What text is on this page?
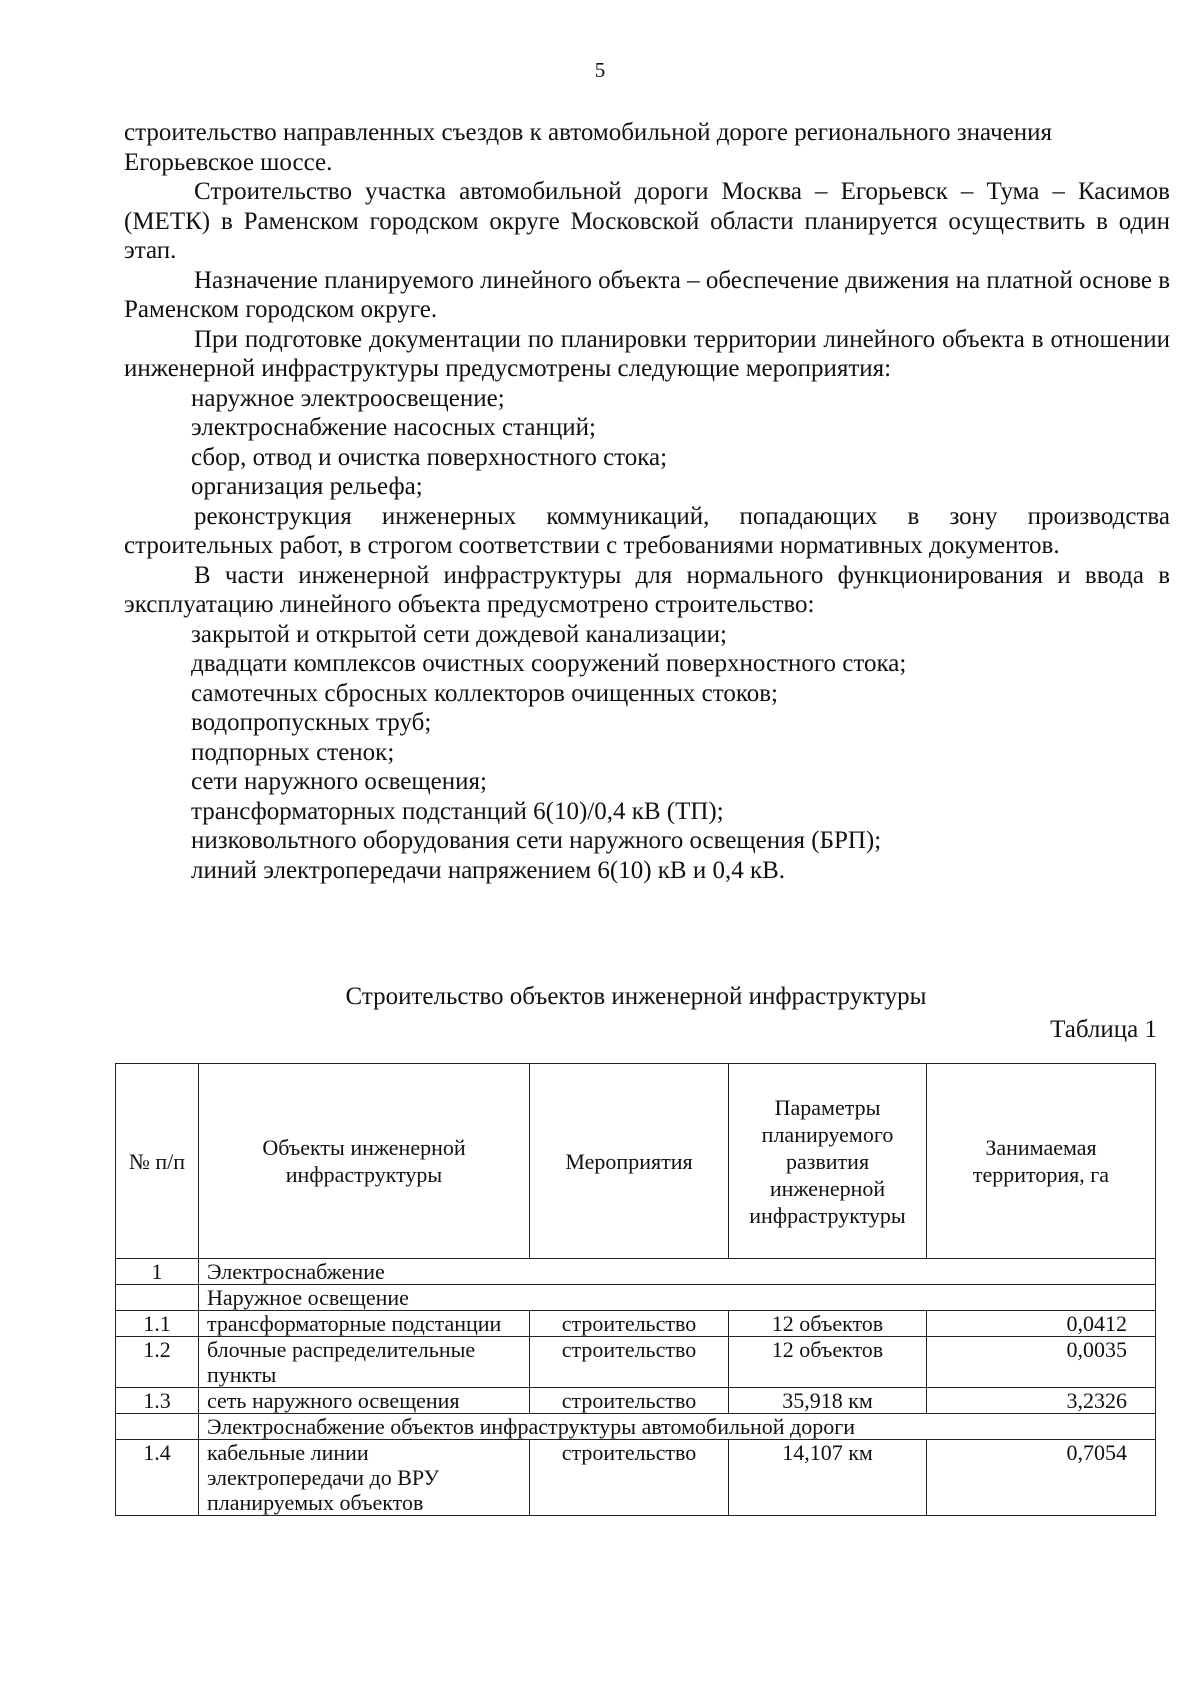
5

строительство направленных съездов к автомобильной дороге регионального значения Егорьевское шоссе.

Строительство участка автомобильной дороги Москва – Егорьевск – Тума – Касимов (МЕТК) в Раменском городском округе Московской области планируется осуществить в один этап.

Назначение планируемого линейного объекта – обеспечение движения на платной основе в Раменском городском округе.

При подготовке документации по планировки территории линейного объекта в отношении инженерной инфраструктуры предусмотрены следующие мероприятия:

наружное электроосвещение;

электроснабжение насосных станций;

сбор, отвод и очистка поверхностного стока;

организация рельефа;

реконструкция инженерных коммуникаций, попадающих в зону производства строительных работ, в строгом соответствии с требованиями нормативных документов.

В части инженерной инфраструктуры для нормального функционирования и ввода в эксплуатацию линейного объекта предусмотрено строительство:

закрытой и открытой сети дождевой канализации;

двадцати комплексов очистных сооружений поверхностного стока;

самотечных сбросных коллекторов очищенных стоков;

водопропускных труб;

подпорных стенок;

сети наружного освещения;

трансформаторных подстанций 6(10)/0,4 кВ (ТП);

низковольтного оборудования сети наружного освещения (БРП);

линий электропередачи напряжением 6(10) кВ и 0,4 кВ.

Строительство объектов инженерной инфраструктуры
Таблица 1
№ п/п	Объекты инженерной инфраструктуры	Мероприятия	Параметры планируемого развития инженерной инфраструктуры	Занимаемая территория, га
1	Электроснабжение			
	Наружное освещение			
1.1	трансформаторные подстанции	строительство	12 объектов	0,0412
1.2	блочные распределительные пункты	строительство	12 объектов	0,0035
1.3	сеть наружного освещения	строительство	35,918 км	3,2326
	Электроснабжение объектов инфраструктуры автомобильной дороги			
1.4	кабельные линии электропередачи до ВРУ планируемых объектов	строительство	14,107 км	0,7054
